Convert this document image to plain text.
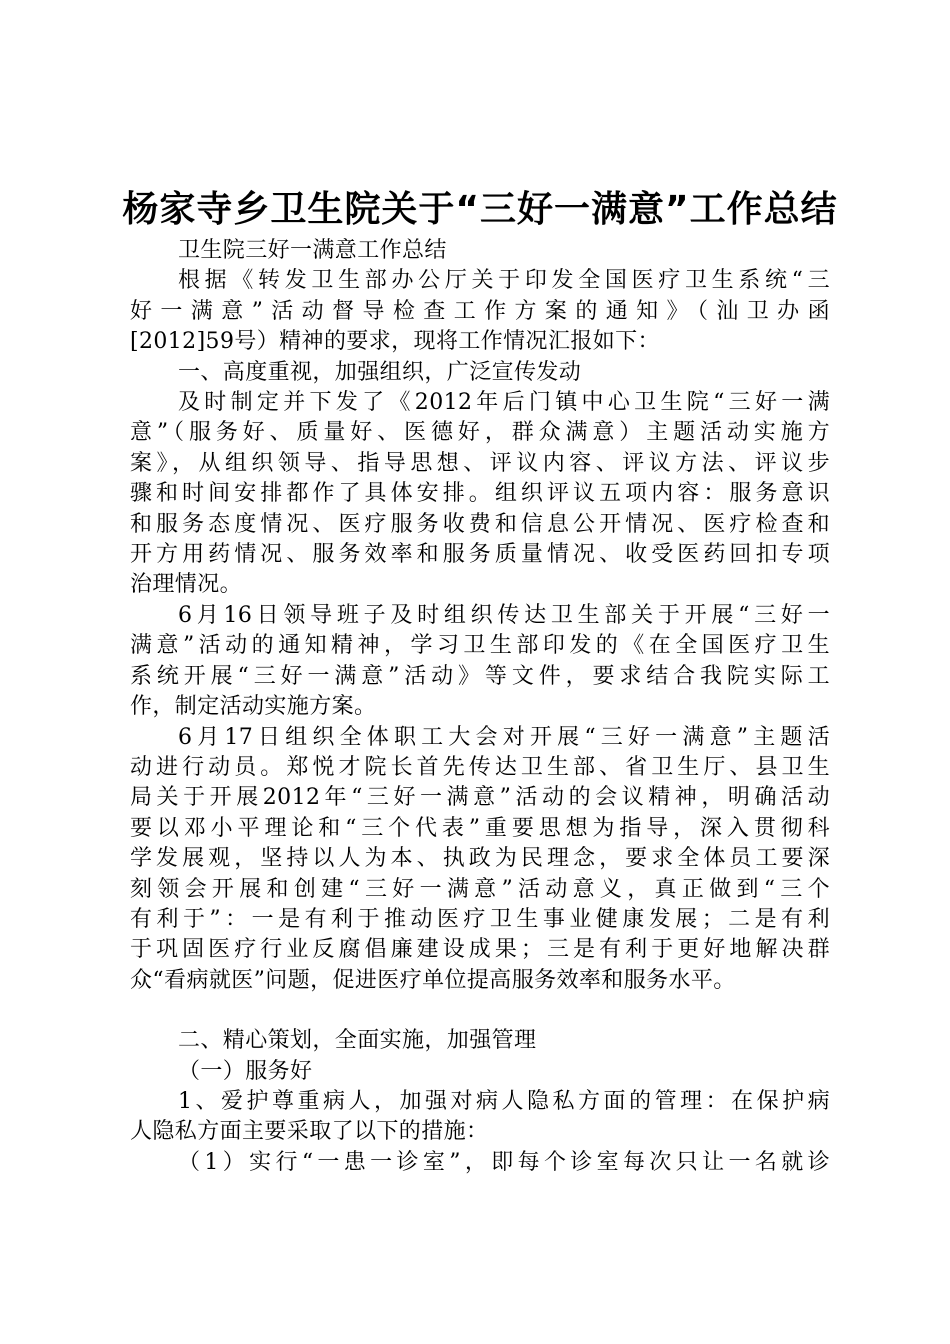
杨家寺乡卫生院关于“三好一满意”工作总结
卫生院三好一满意工作总结
根据《转发卫生部办公厅关于印发全国医疗卫生系统“三
好一满意”活动督导检查工作方案的通知》（汕卫办函
[2012]59号）精神的要求，现将工作情况汇报如下：
一、高度重视，加强组织，广泛宣传发动
及时制定并下发了《2012年后门镇中心卫生院“三好一满
意”（服务好、质量好、医德好，群众满意）主题活动实施方
案》，从组织领导、指导思想、评议内容、评议方法、评议步
骤和时间安排都作了具体安排。组织评议五项内容：服务意识
和服务态度情况、医疗服务收费和信息公开情况、医疗检查和
开方用药情况、服务效率和服务质量情况、收受医药回扣专项
治理情况。
6月16日领导班子及时组织传达卫生部关于开展“三好一
满意”活动的通知精神，学习卫生部印发的《在全国医疗卫生
系统开展“三好一满意”活动》等文件，要求结合我院实际工
作，制定活动实施方案。
6月17日组织全体职工大会对开展“三好一满意”主题活
动进行动员。郑悦才院长首先传达卫生部、省卫生厅、县卫生
局关于开展2012年“三好一满意”活动的会议精神，明确活动
要以邓小平理论和“三个代表”重要思想为指导，深入贯彻科
学发展观，坚持以人为本、执政为民理念，要求全体员工要深
刻领会开展和创建“三好一满意”活动意义，真正做到“三个
有利于”：一是有利于推动医疗卫生事业健康发展；二是有利
于巩固医疗行业反腐倡廉建设成果；三是有利于更好地解决群
众“看病就医”问题，促进医疗单位提高服务效率和服务水平。
二、精心策划，全面实施，加强管理
（一）服务好
1、爱护尊重病人，加强对病人隐私方面的管理：在保护病
人隐私方面主要采取了以下的措施：
（1）实行“一患一诊室”，即每个诊室每次只让一名就诊
